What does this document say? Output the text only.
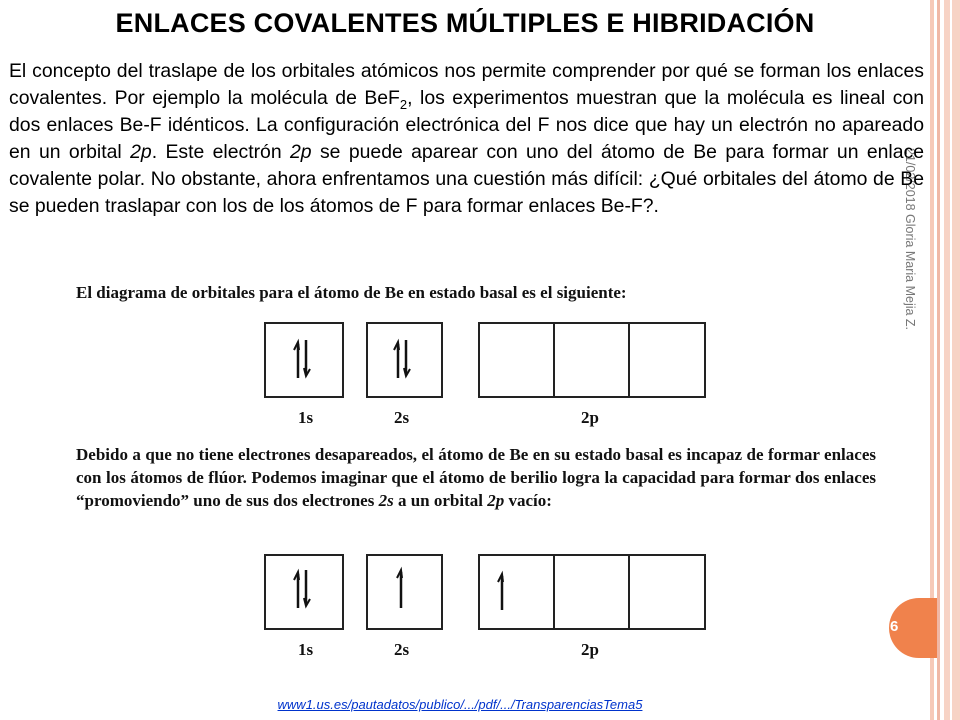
ENLACES COVALENTES MÚLTIPLES E HIBRIDACIÓN
El concepto del traslape de los orbitales atómicos nos permite comprender por qué se forman los enlaces covalentes. Por ejemplo la molécula de BeF$_2$, los experimentos muestran que la molécula es lineal con dos enlaces Be-F idénticos. La configuración electrónica del F nos dice que hay un electrón no apareado en un orbital 2p. Este electrón 2p se puede aparear con uno del átomo de Be para formar un enlace covalente polar. No obstante, ahora enfrentamos una cuestión más difícil: ¿Qué orbitales del átomo de Be se pueden traslapar con los de los átomos de F para formar enlaces Be-F?.	21/02/2018 Gloria Maria Mejia Z.
6
El diagrama de orbitales para el átomo de Be en estado basal es el siguiente:
1s	2s	2p
Debido a que no tiene electrones desapareados, el átomo de Be en su estado basal es incapaz de formar enlaces con los átomos de flúor. Podemos imaginar que el átomo de berilio logra la capacidad para formar dos enlaces “promoviendo” uno de sus dos electrones 2s a un orbital 2p vacío:
1s	2s	2p
www1.us.es/pautadatos/publico/.../pdf/.../TransparenciasTema5
